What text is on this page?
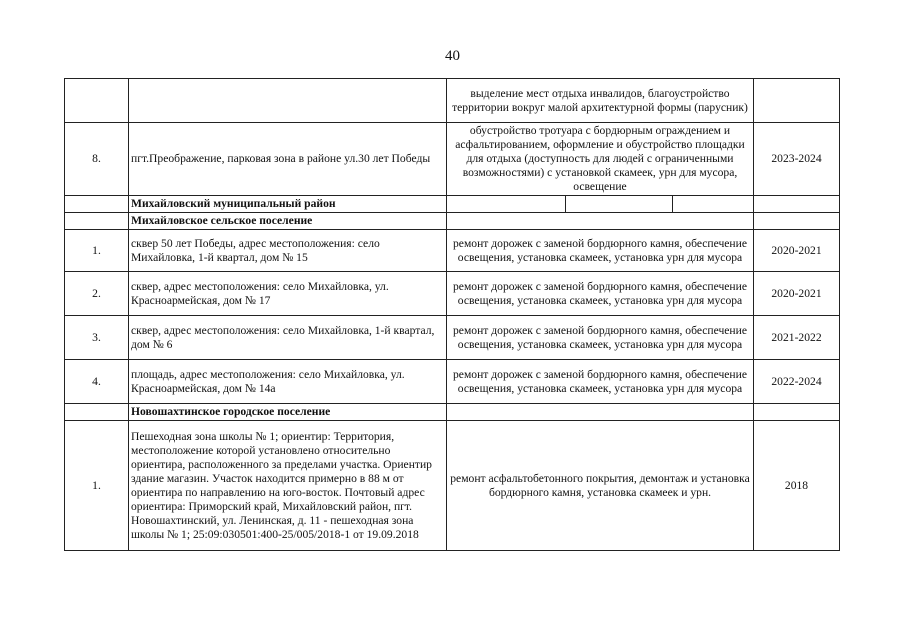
40
		выделение мест отдыха инвалидов, благоустройство территории вокруг малой архитектурной формы (парусник)	
8.	пгт.Преображение, парковая зона в районе ул.30 лет Победы	обустройство тротуара с бордюрным ограждением и асфальтированием, оформление и обустройство площадки для отдыха (доступность для людей с ограниченными возможностями) с установкой скамеек, урн для мусора, освещение	2023-2024
	Михайловский муниципальный район	

	Михайловское сельское поселение		
1.	сквер 50 лет Победы, адрес местоположения: село Михайловка, 1-й квартал, дом № 15	ремонт дорожек с заменой бордюрного камня, обеспечение освещения, установка скамеек, установка урн для мусора	2020-2021
2.	сквер, адрес местоположения: село Михайловка, ул. Красноармейская, дом № 17	ремонт дорожек с заменой бордюрного камня, обеспечение освещения, установка скамеек, установка урн для мусора	2020-2021
3.	сквер, адрес местоположения: село Михайловка, 1-й квартал, дом № 6	ремонт дорожек с заменой бордюрного камня, обеспечение освещения, установка скамеек, установка урн для мусора	2021-2022
4.	площадь, адрес местоположения: село Михайловка, ул. Красноармейская, дом № 14а	ремонт дорожек с заменой бордюрного камня, обеспечение освещения, установка скамеек, установка урн для мусора	2022-2024
	Новошахтинское городское поселение		
1.	Пешеходная зона школы № 1; ориентир: Территория, местоположение которой установлено относительно ориентира, расположенного за пределами участка. Ориентир здание магазин. Участок находится примерно в 88 м от ориентира по направлению на юго-восток. Почтовый адрес ориентира: Приморский край, Михайловский район, пгт. Новошахтинский, ул. Ленинская, д. 11 - пешеходная зона школы № 1; 25:09:030501:400-25/005/2018-1 от 19.09.2018	ремонт асфальтобетонного покрытия, демонтаж и установка бордюрного камня, установка скамеек и урн.	2018
